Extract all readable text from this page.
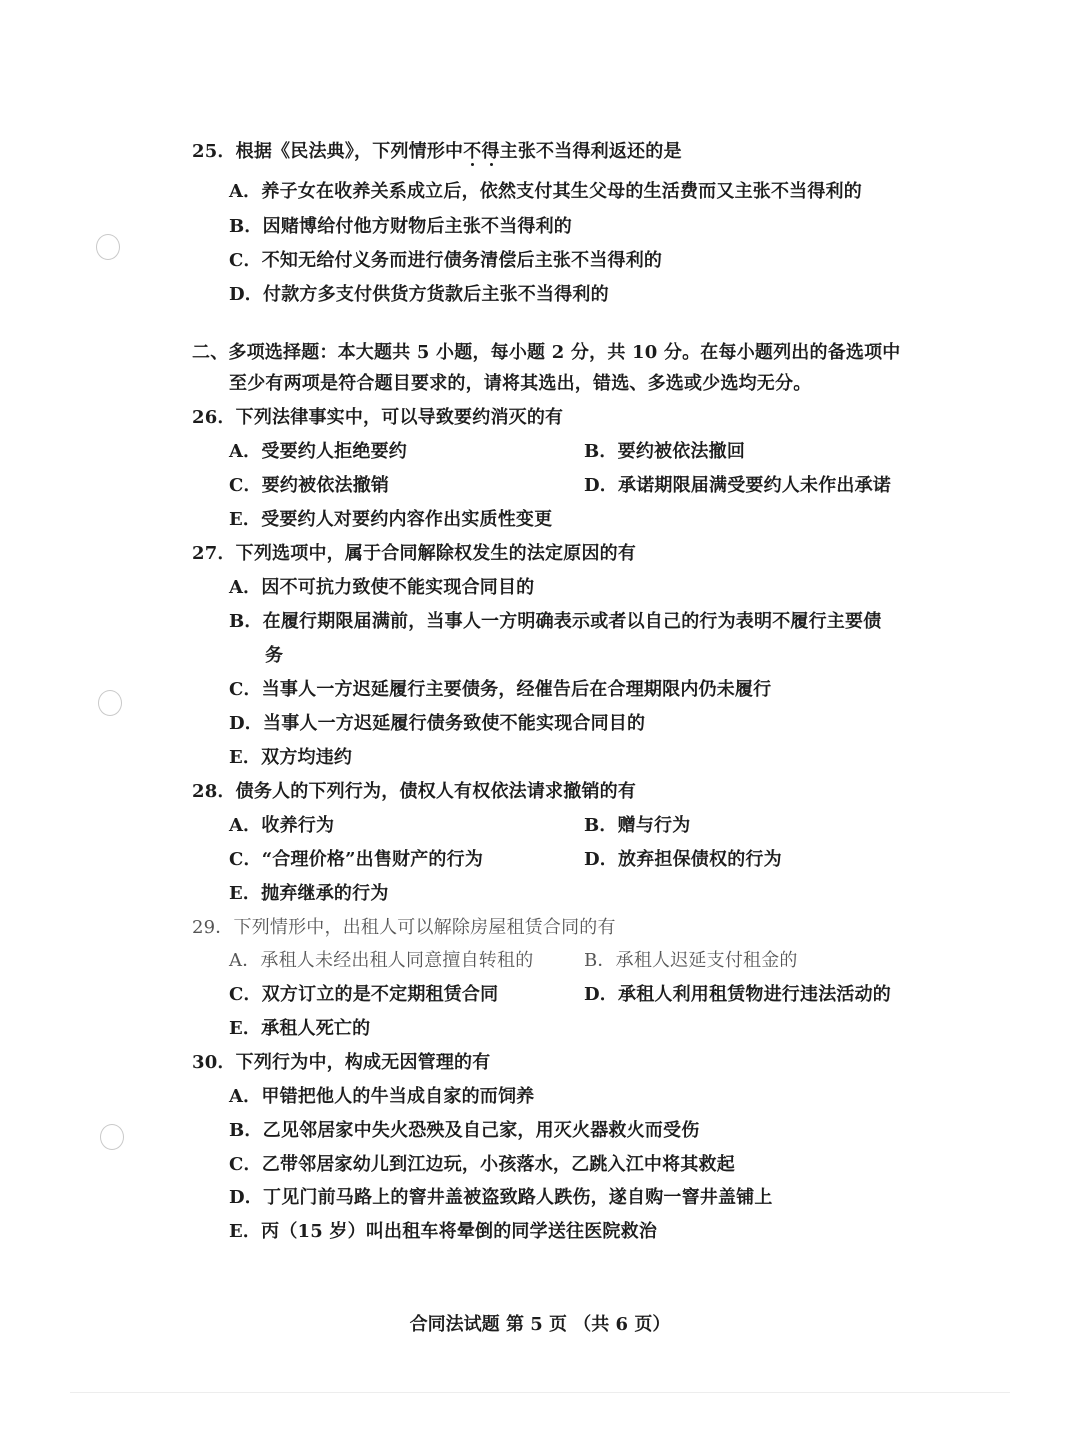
25．根据《民法典》，下列情形中不得主张不当得利返还的是
A．养子女在收养关系成立后，依然支付其生父母的生活费而又主张不当得利的
B．因赌博给付他方财物后主张不当得利的
C．不知无给付义务而进行债务清偿后主张不当得利的
D．付款方多支付供货方货款后主张不当得利的
二、多项选择题：本大题共 5 小题，每小题 2 分，共 10 分。在每小题列出的备选项中
至少有两项是符合题目要求的，请将其选出，错选、多选或少选均无分。
26．下列法律事实中，可以导致要约消灭的有
A．受要约人拒绝要约	B．要约被依法撤回
C．要约被依法撤销	D．承诺期限届满受要约人未作出承诺
E．受要约人对要约内容作出实质性变更
27．下列选项中，属于合同解除权发生的法定原因的有
A．因不可抗力致使不能实现合同目的
B．在履行期限届满前，当事人一方明确表示或者以自己的行为表明不履行主要债
务
C．当事人一方迟延履行主要债务，经催告后在合理期限内仍未履行
D．当事人一方迟延履行债务致使不能实现合同目的
E．双方均违约
28．债务人的下列行为，债权人有权依法请求撤销的有
A．收养行为	B．赠与行为
C．“合理价格”出售财产的行为	D．放弃担保债权的行为
E．抛弃继承的行为
29．下列情形中，出租人可以解除房屋租赁合同的有
A．承租人未经出租人同意擅自转租的	B．承租人迟延支付租金的
C．双方订立的是不定期租赁合同	D．承租人利用租赁物进行违法活动的
E．承租人死亡的
30．下列行为中，构成无因管理的有
A．甲错把他人的牛当成自家的而饲养
B．乙见邻居家中失火恐殃及自己家，用灭火器救火而受伤
C．乙带邻居家幼儿到江边玩，小孩落水，乙跳入江中将其救起
D．丁见门前马路上的窨井盖被盗致路人跌伤，遂自购一窨井盖铺上
E．丙（15 岁）叫出租车将晕倒的同学送往医院救治
合同法试题 第 5 页 （共 6 页）
